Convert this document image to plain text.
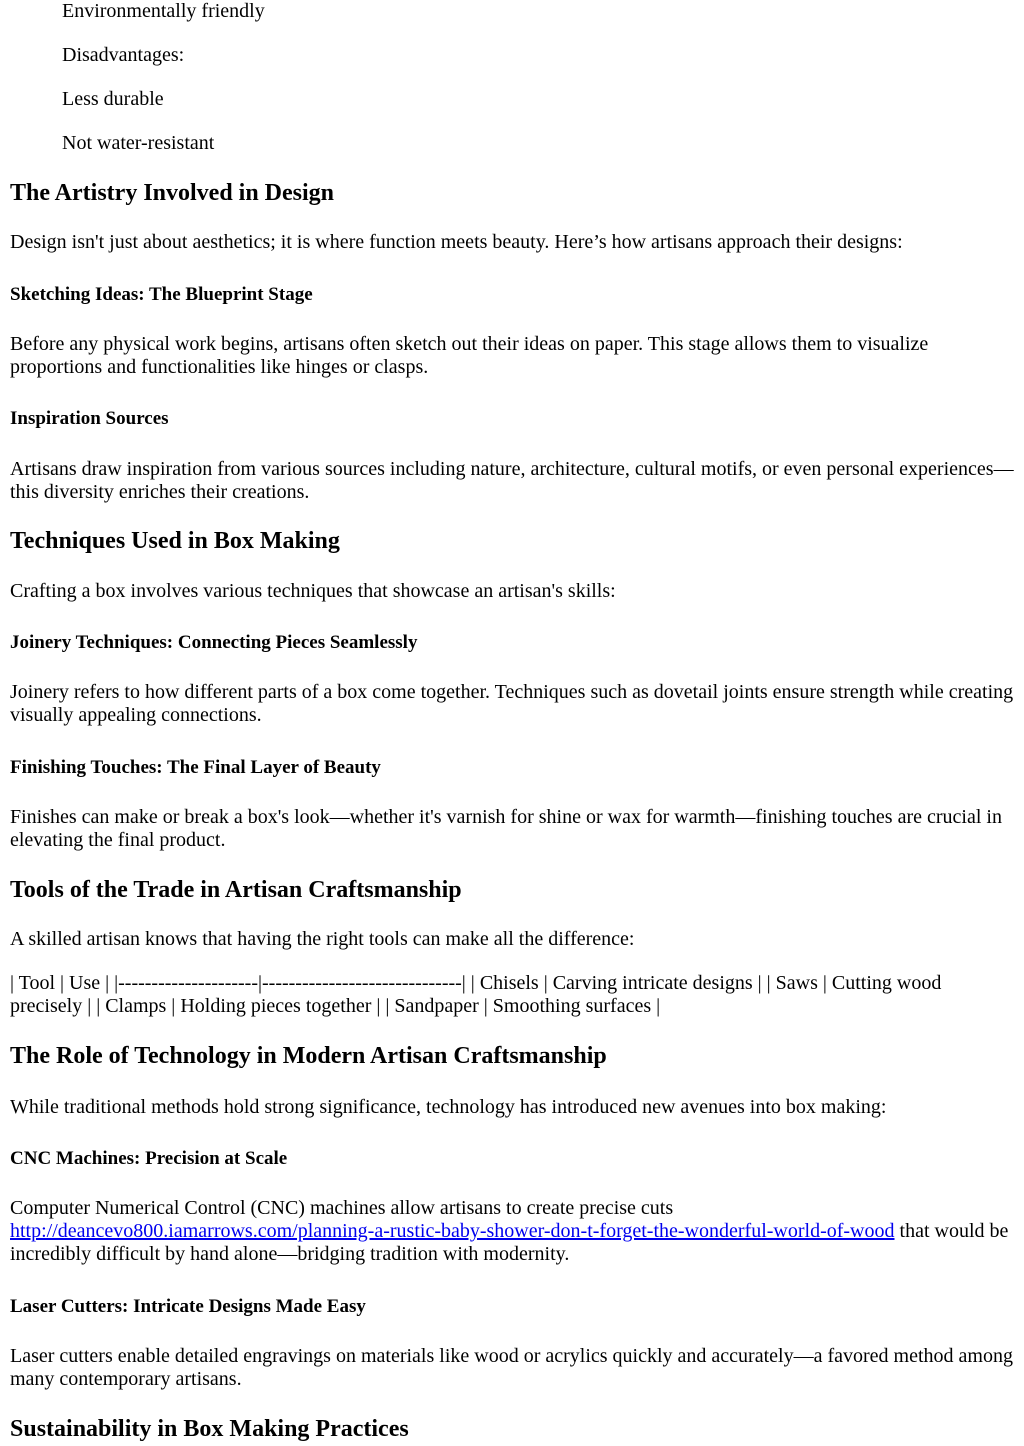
Environmentally friendly

Disadvantages:

Less durable

Not water-resistant

The Artistry Involved in Design

Design isn't just about aesthetics; it is where function meets beauty. Here’s how artisans approach their designs:

Sketching Ideas: The Blueprint Stage

Before any physical work begins, artisans often sketch out their ideas on paper. This stage allows them to visualize proportions and functionalities like hinges or clasps.

Inspiration Sources

Artisans draw inspiration from various sources including nature, architecture, cultural motifs, or even personal experiences—this diversity enriches their creations.

Techniques Used in Box Making

Crafting a box involves various techniques that showcase an artisan's skills:

Joinery Techniques: Connecting Pieces Seamlessly

Joinery refers to how different parts of a box come together. Techniques such as dovetail joints ensure strength while creating visually appealing connections.

Finishing Touches: The Final Layer of Beauty

Finishes can make or break a box's look—whether it's varnish for shine or wax for warmth—finishing touches are crucial in elevating the final product.

Tools of the Trade in Artisan Craftsmanship

A skilled artisan knows that having the right tools can make all the difference:

| Tool | Use | |---------------------|------------------------------| | Chisels | Carving intricate designs | | Saws | Cutting wood precisely | | Clamps | Holding pieces together | | Sandpaper | Smoothing surfaces |

The Role of Technology in Modern Artisan Craftsmanship

While traditional methods hold strong significance, technology has introduced new avenues into box making:

CNC Machines: Precision at Scale

Computer Numerical Control (CNC) machines allow artisans to create precise cuts http://deancevo800.iamarrows.com/planning-a-rustic-baby-shower-don-t-forget-the-wonderful-world-of-wood that would be incredibly difficult by hand alone—bridging tradition with modernity.

Laser Cutters: Intricate Designs Made Easy

Laser cutters enable detailed engravings on materials like wood or acrylics quickly and accurately—a favored method among many contemporary artisans.

Sustainability in Box Making Practices
